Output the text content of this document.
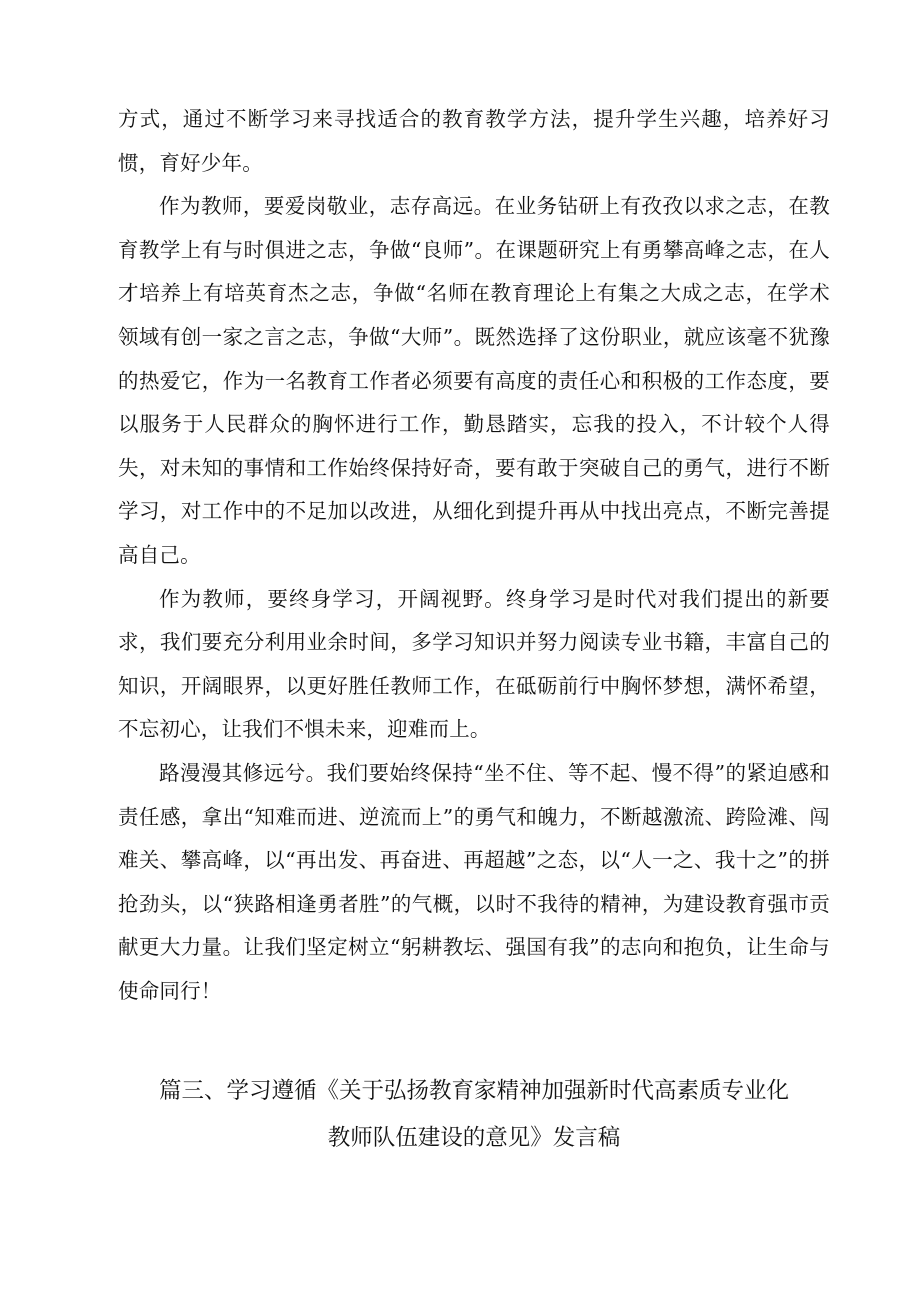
方式，通过不断学习来寻找适合的教育教学方法，提升学生兴趣，培养好习惯，育好少年。

作为教师，要爱岗敬业，志存高远。在业务钻研上有孜孜以求之志，在教育教学上有与时俱进之志，争做“良师”。在课题研究上有勇攀高峰之志，在人才培养上有培英育杰之志，争做“名师在教育理论上有集之大成之志，在学术领域有创一家之言之志，争做“大师”。既然选择了这份职业，就应该毫不犹豫的热爱它，作为一名教育工作者必须要有高度的责任心和积极的工作态度，要以服务于人民群众的胸怀进行工作，勤恳踏实，忘我的投入，不计较个人得失，对未知的事情和工作始终保持好奇，要有敢于突破自己的勇气，进行不断学习，对工作中的不足加以改进，从细化到提升再从中找出亮点，不断完善提高自己。

作为教师，要终身学习，开阔视野。终身学习是时代对我们提出的新要求，我们要充分利用业余时间，多学习知识并努力阅读专业书籍，丰富自己的知识，开阔眼界，以更好胜任教师工作，在砥砺前行中胸怀梦想，满怀希望，不忘初心，让我们不惧未来，迎难而上。

路漫漫其修远兮。我们要始终保持“坐不住、等不起、慢不得”的紧迫感和责任感，拿出“知难而进、逆流而上”的勇气和魄力，不断越激流、跨险滩、闯难关、攀高峰，以“再出发、再奋进、再超越”之态，以“人一之、我十之”的拼抢劲头，以“狭路相逢勇者胜”的气概，以时不我待的精神，为建设教育强市贡献更大力量。让我们坚定树立“躬耕教坛、强国有我”的志向和抱负，让生命与使命同行！

篇三、学习遵循《关于弘扬教育家精神加强新时代高素质专业化
教师队伍建设的意见》发言稿
